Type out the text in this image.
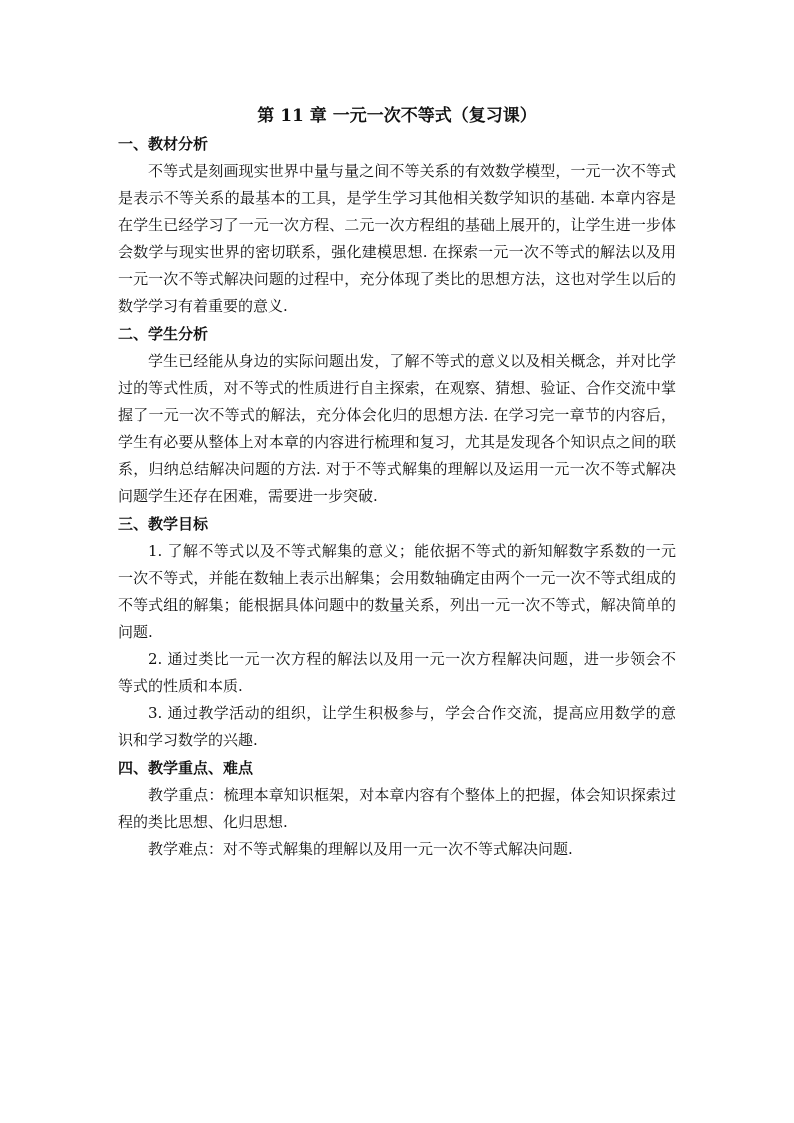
第 11 章 一元一次不等式（复习课）
一、教材分析

不等式是刻画现实世界中量与量之间不等关系的有效数学模型，一元一次不等式是表示不等关系的最基本的工具，是学生学习其他相关数学知识的基础. 本章内容是在学生已经学习了一元一次方程、二元一次方程组的基础上展开的，让学生进一步体会数学与现实世界的密切联系，强化建模思想. 在探索一元一次不等式的解法以及用一元一次不等式解决问题的过程中，充分体现了类比的思想方法，这也对学生以后的数学学习有着重要的意义.

二、学生分析

学生已经能从身边的实际问题出发，了解不等式的意义以及相关概念，并对比学过的等式性质，对不等式的性质进行自主探索，在观察、猜想、验证、合作交流中掌握了一元一次不等式的解法，充分体会化归的思想方法. 在学习完一章节的内容后，学生有必要从整体上对本章的内容进行梳理和复习，尤其是发现各个知识点之间的联系，归纳总结解决问题的方法. 对于不等式解集的理解以及运用一元一次不等式解决问题学生还存在困难，需要进一步突破.

三、教学目标

1. 了解不等式以及不等式解集的意义；能依据不等式的新知解数字系数的一元一次不等式，并能在数轴上表示出解集；会用数轴确定由两个一元一次不等式组成的不等式组的解集；能根据具体问题中的数量关系，列出一元一次不等式，解决简单的问题.

2. 通过类比一元一次方程的解法以及用一元一次方程解决问题，进一步领会不等式的性质和本质.

3. 通过教学活动的组织，让学生积极参与，学会合作交流，提高应用数学的意识和学习数学的兴趣.

四、教学重点、难点

教学重点：梳理本章知识框架，对本章内容有个整体上的把握，体会知识探索过程的类比思想、化归思想.

教学难点：对不等式解集的理解以及用一元一次不等式解决问题.
